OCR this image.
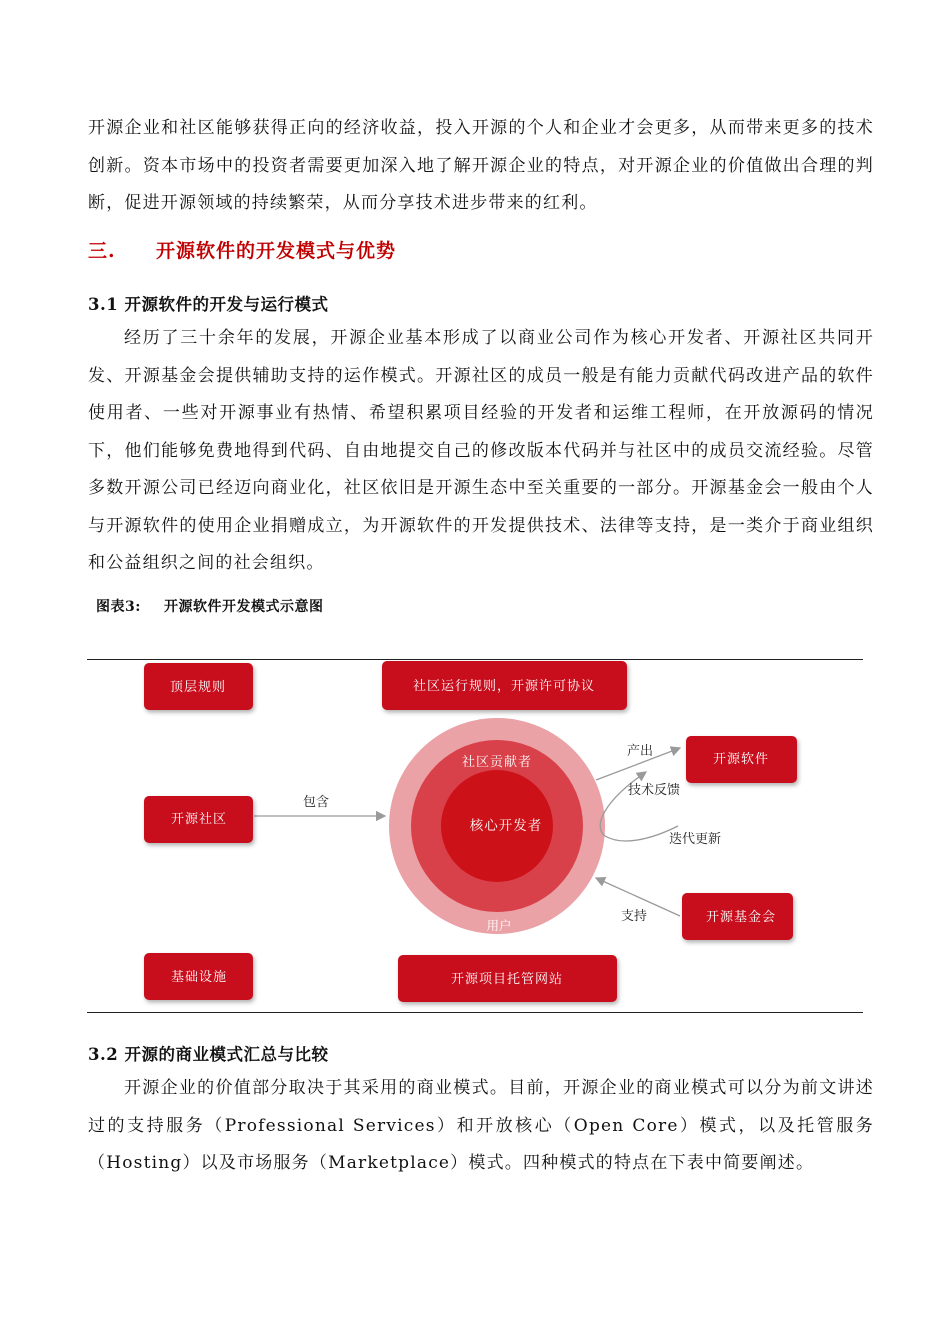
开源企业和社区能够获得正向的经济收益，投入开源的个人和企业才会更多，从而带来更多的技术创新。资本市场中的投资者需要更加深入地了解开源企业的特点，对开源企业的价值做出合理的判断，促进开源领域的持续繁荣，从而分享技术进步带来的红利。

三. 开源软件的开发模式与优势
3.1 开源软件的开发与运行模式

经历了三十余年的发展，开源企业基本形成了以商业公司作为核心开发者、开源社区共同开发、开源基金会提供辅助支持的运作模式。开源社区的成员一般是有能力贡献代码改进产品的软件使用者、一些对开源事业有热情、希望积累项目经验的开发者和运维工程师，在开放源码的情况下，他们能够免费地得到代码、自由地提交自己的修改版本代码并与社区中的成员交流经验。尽管多数开源公司已经迈向商业化，社区依旧是开源生态中至关重要的一部分。开源基金会一般由个人与开源软件的使用企业捐赠成立，为开源软件的开发提供技术、法律等支持，是一类介于商业组织和公益组织之间的社会组织。

图表3: 开源软件开发模式示意图

用户
社区贡献者
核心开发者
包含
产出
技术反馈
迭代更新
支持
顶层规则	社区运行规则，开源许可协议
开源社区
开源软件
开源基金会
基础设施	开源项目托管网站
3.2 开源的商业模式汇总与比较

开源企业的价值部分取决于其采用的商业模式。目前，开源企业的商业模式可以分为前文讲述过的支持服务（Professional Services）和开放核心（Open Core）模式，以及托管服务（Hosting）以及市场服务（Marketplace）模式。四种模式的特点在下表中简要阐述。
